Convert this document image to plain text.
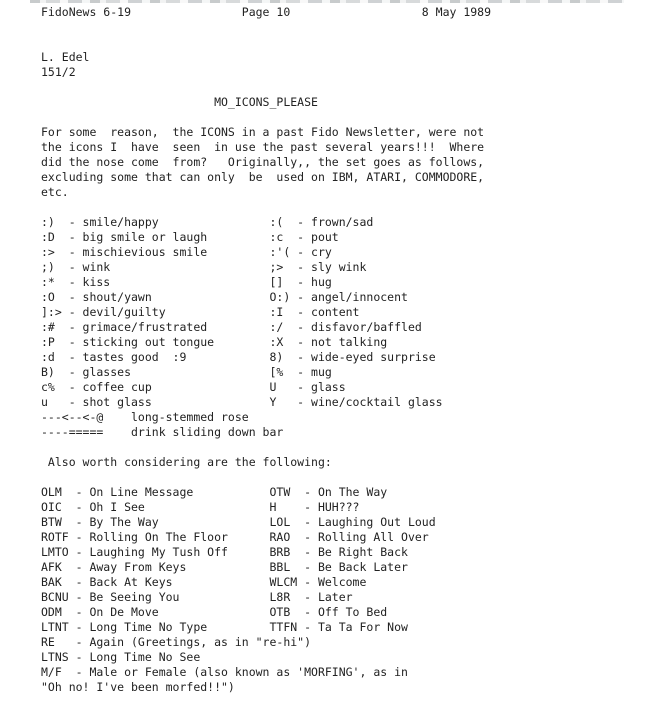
FidoNews 6-19                Page 10                   8 May 1989
L. Edel
151/2
MO_ICONS_PLEASE
For some  reason,  the ICONS in a past Fido Newsletter, were not
the icons I  have  seen  in use the past several years!!!  Where
did the nose come  from?   Originally,, the set goes as follows,
excluding some that can only  be  used on IBM, ATARI, COMMODORE,
etc.
:)  - smile/happy                :(  - frown/sad
:D  - big smile or laugh         :c  - pout
:>  - mischievious smile         :'( - cry
;)  - wink                       ;>  - sly wink
:*  - kiss                       []  - hug
:O  - shout/yawn                 O:) - angel/innocent
]:> - devil/guilty               :I  - content
:#  - grimace/frustrated         :/  - disfavor/baffled
:P  - sticking out tongue        :X  - not talking
:d  - tastes good  :9            8)  - wide-eyed surprise
B)  - glasses                    [%  - mug
c%  - coffee cup                 U   - glass
u   - shot glass                 Y   - wine/cocktail glass
---<--<-@    long-stemmed rose
----=====    drink sliding down bar
Also worth considering are the following:
OLM  - On Line Message           OTW  - On The Way
OIC  - Oh I See                  H    - HUH???
BTW  - By The Way                LOL  - Laughing Out Loud
ROTF - Rolling On The Floor      RAO  - Rolling All Over
LMTO - Laughing My Tush Off      BRB  - Be Right Back
AFK  - Away From Keys            BBL  - Be Back Later
BAK  - Back At Keys              WLCM - Welcome
BCNU - Be Seeing You             L8R  - Later
ODM  - On De Move                OTB  - Off To Bed
LTNT - Long Time No Type         TTFN - Ta Ta For Now
RE   - Again (Greetings, as in "re-hi")
LTNS - Long Time No See
M/F  - Male or Female (also known as 'MORFING', as in
"Oh no! I've been morfed!!")
